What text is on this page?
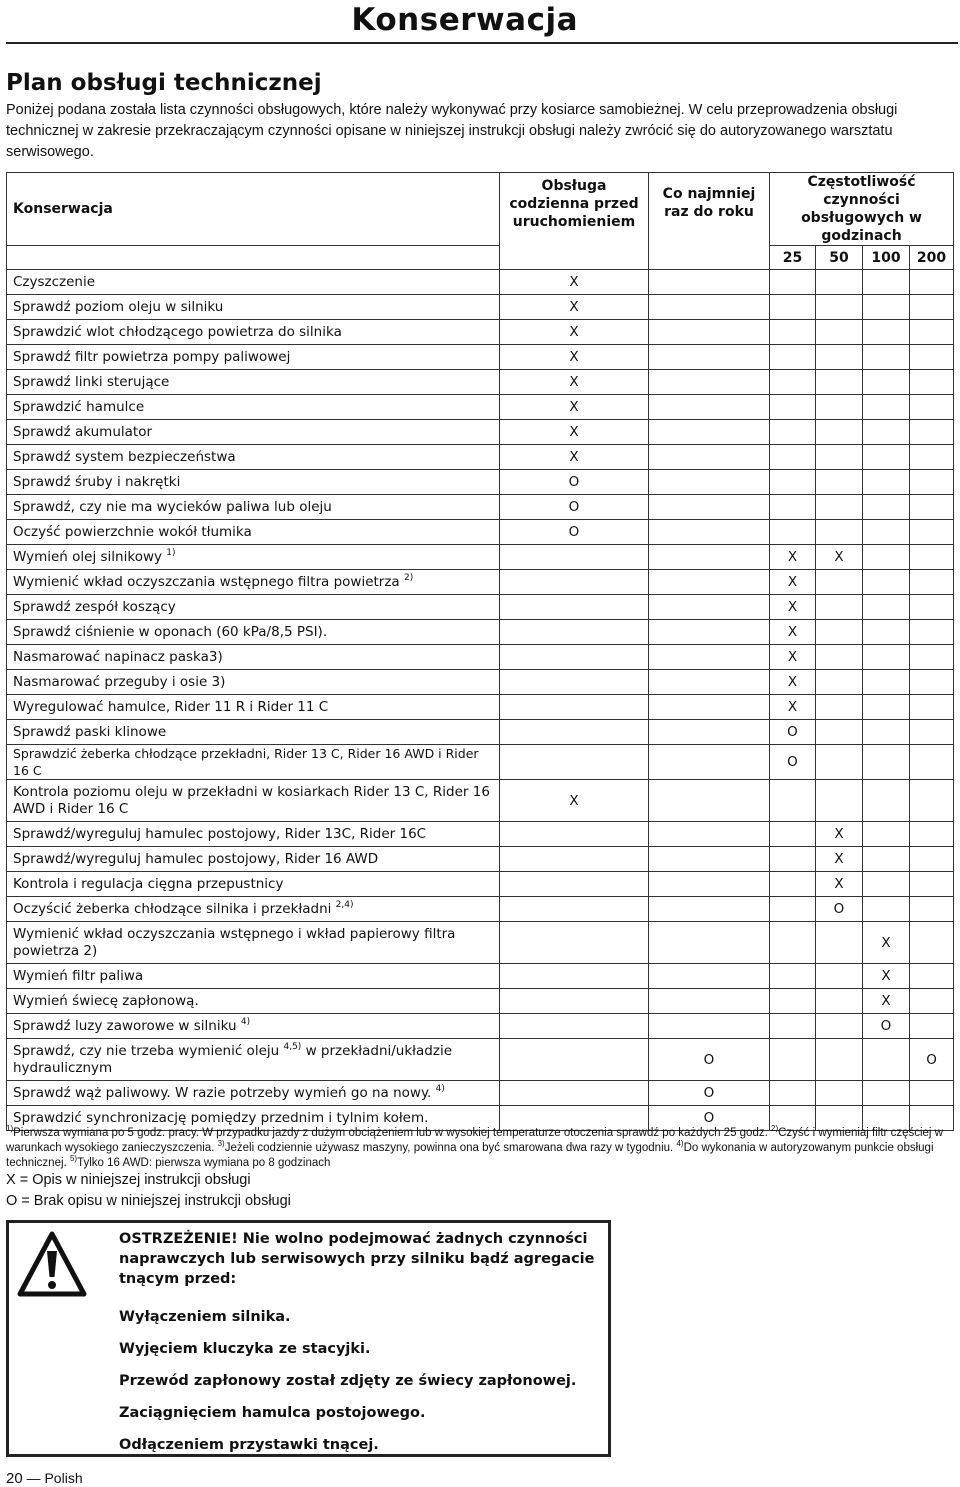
Konserwacja
Plan obsługi technicznej
Poniżej podana została lista czynności obsługowych, które należy wykonywać przy kosiarce samobieżnej. W celu przeprowadzenia obsługi technicznej w zakresie przekraczającym czynności opisane w niniejszej instrukcji obsługi należy zwrócić się do autoryzowanego warsztatu serwisowego.
Konserwacja	Obsługa codzienna przed uruchomieniem	Co najmniej raz do roku	Częstotliwość czynności obsługowych w godzinach			
			25	50	100	200
Czyszczenie	X					
Sprawdź poziom oleju w silniku	X					
Sprawdzić wlot chłodzącego powietrza do silnika	X					
Sprawdź filtr powietrza pompy paliwowej	X					
Sprawdź linki sterujące	X					
Sprawdzić hamulce	X					
Sprawdź akumulator	X					
Sprawdź system bezpieczeństwa	X					
Sprawdź śruby i nakrętki	O					
Sprawdź, czy nie ma wycieków paliwa lub oleju	O					
Oczyść powierzchnie wokół tłumika	O					
Wymień olej silnikowy $^{1)}$			X	X		
Wymienić wkład oczyszczania wstępnego filtra powietrza $^{2)}$			X			
Sprawdź zespół koszący			X			
Sprawdź ciśnienie w oponach (60 kPa/8,5 PSI).			X			
Nasmarować napinacz paska3)			X			
Nasmarować przeguby i osie 3)			X			
Wyregulować hamulce, Rider 11 R i Rider 11 C			X			
Sprawdź paski klinowe			O			
Sprawdzić żeberka chłodzące przekładni, Rider 13 C, Rider 16 AWD i Rider 16 C			O			
Kontrola poziomu oleju w przekładni w kosiarkach Rider 13 C, Rider 16 AWD i Rider 16 C	X					
Sprawdź/wyreguluj hamulec postojowy, Rider 13C, Rider 16C				X		
Sprawdź/wyreguluj hamulec postojowy, Rider 16 AWD				X		
Kontrola i regulacja cięgna przepustnicy				X		
Oczyścić żeberka chłodzące silnika i przekładni $^{2,4)}$				O		
Wymienić wkład oczyszczania wstępnego i wkład papierowy filtra powietrza 2)					X	
Wymień filtr paliwa					X	
Wymień świecę zapłonową.					X	
Sprawdź luzy zaworowe w silniku $^{4)}$					O	
Sprawdź, czy nie trzeba wymienić oleju $^{4,5)}$ w przekładni/układzie hydraulicznym		O				O
Sprawdź wąż paliwowy. W razie potrzeby wymień go na nowy. $^{4)}$		O				
Sprawdzić synchronizację pomiędzy przednim i tylnim kołem.		O				
$^{1)}$Pierwsza wymiana po 5 godz. pracy. W przypadku jazdy z dużym obciążeniem lub w wysokiej temperaturze otoczenia sprawdź po każdych 25 godz. $^{2)}$Czyść i wymieniaj filtr częściej w warunkach wysokiego zanieczyszczenia. $^{3)}$Jeżeli codziennie używasz maszyny, powinna ona być smarowana dwa razy w tygodniu. $^{4)}$Do wykonania w autoryzowanym punkcie obsługi technicznej. $^{5)}$Tylko 16 AWD: pierwsza wymiana po 8 godzinach
X = Opis w niniejszej instrukcji obsługi
O = Brak opisu w niniejszej instrukcji obsługi

OSTRZEŻENIE! Nie wolno podejmować żadnych czynności naprawczych lub serwisowych przy silniku bądź agregacie tnącym przed:

Wyłączeniem silnika.

Wyjęciem kluczyka ze stacyjki.

Przewód zapłonowy został zdjęty ze świecy zapłonowej.

Zaciągnięciem hamulca postojowego.

Odłączeniem przystawki tnącej.

20 — Polish
